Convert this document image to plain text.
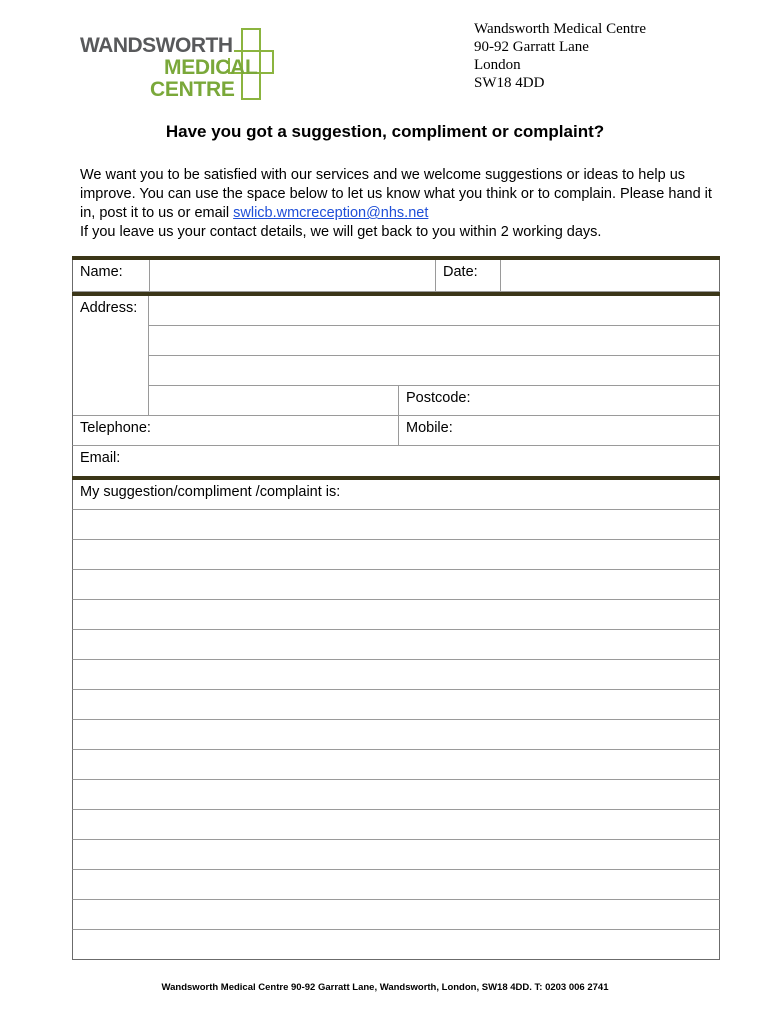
WANDSWORTH
MEDICAL
CENTRE
Wandsworth Medical Centre
90-92 Garratt Lane
London
SW18 4DD
Have you got a suggestion, compliment or complaint?

We want you to be satisfied with our services and we welcome suggestions or ideas to help us improve. You can use the space below to let us know what you think or to complain. Please hand it in, post it to us or email swlicb.wmcreception@nhs.net

If you leave us your contact details, we will get back to you within 2 working days.

Name:	Date:
Address:
Postcode:
Telephone:	Mobile:
Email:
My suggestion/compliment /complaint is:
Wandsworth Medical Centre 90-92 Garratt Lane, Wandsworth, London, SW18 4DD. T: 0203 006 2741
